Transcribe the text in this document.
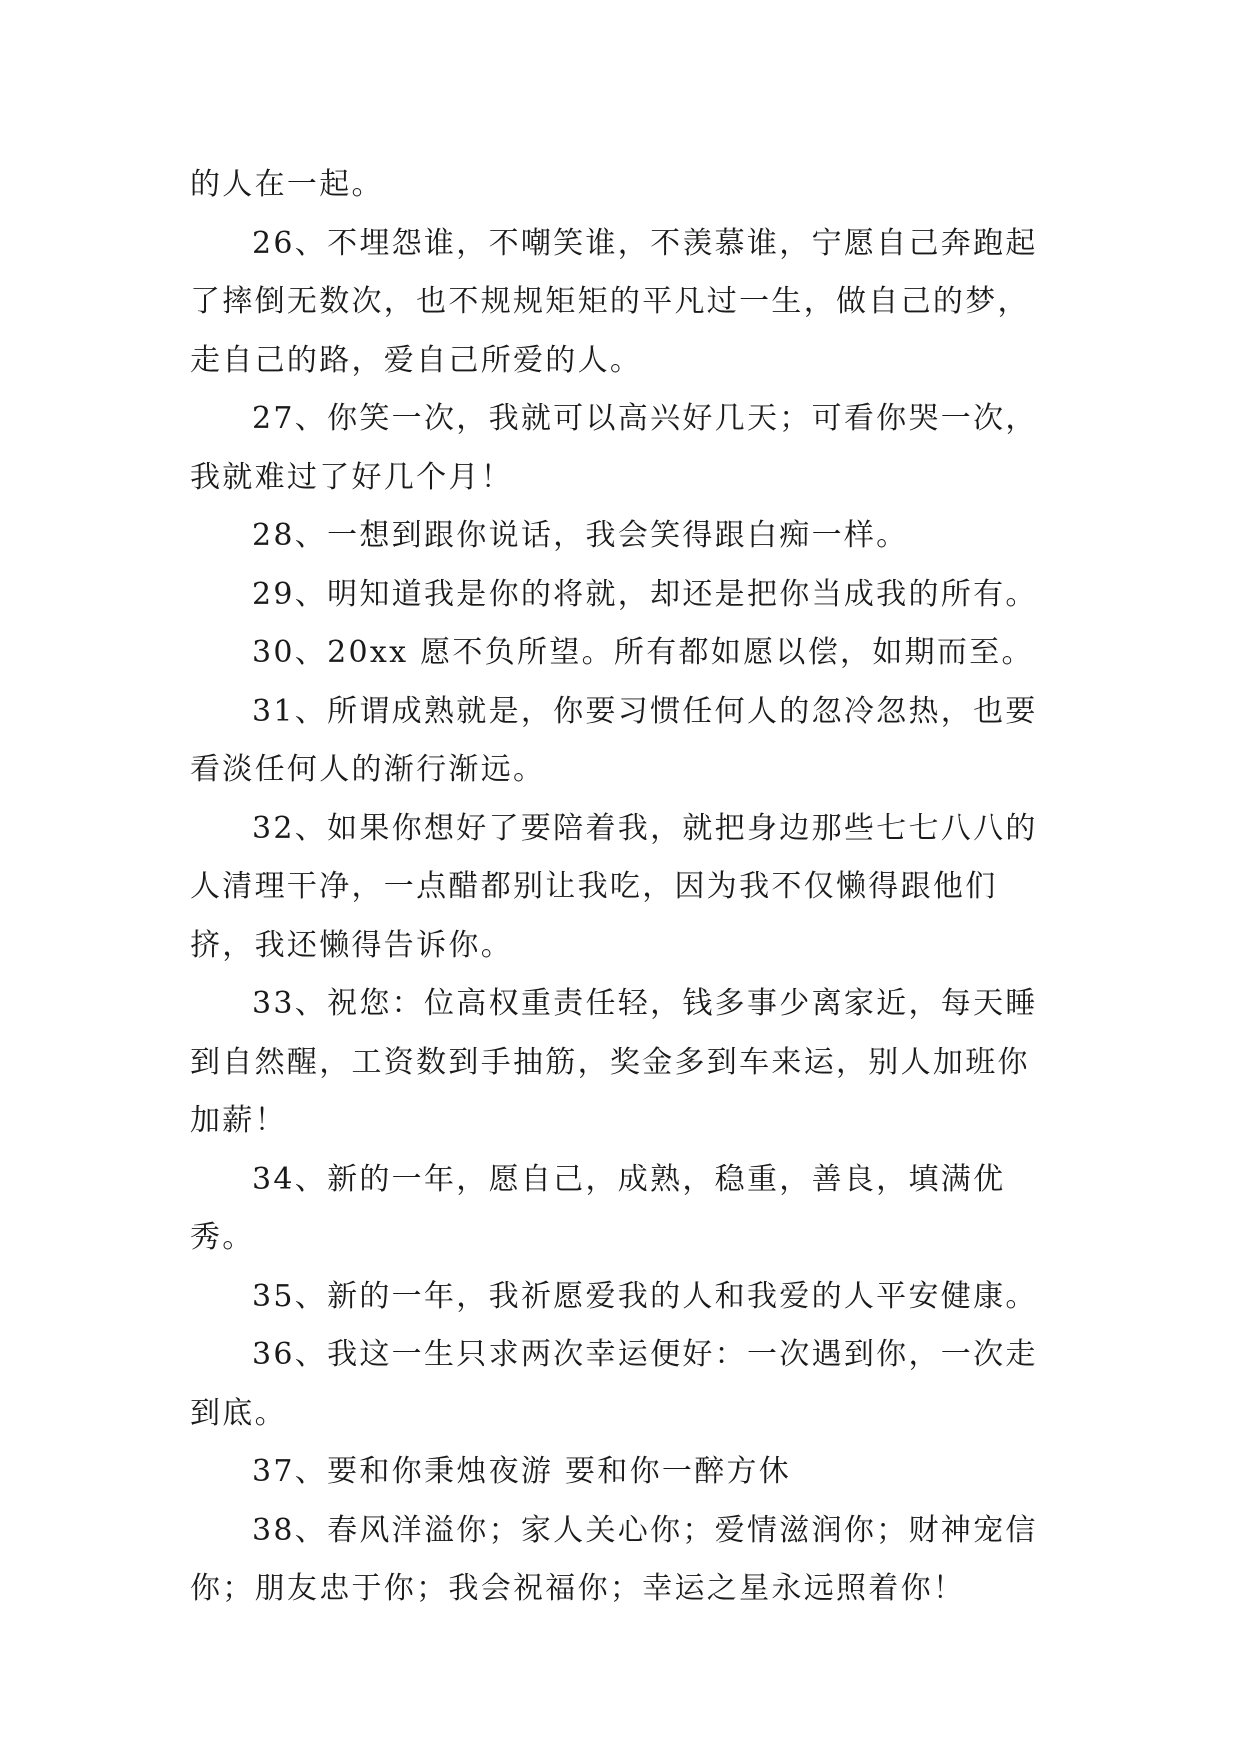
的人在一起。

26、不埋怨谁，不嘲笑谁，不羡慕谁，宁愿自己奔跑起了摔倒无数次，也不规规矩矩的平凡过一生，做自己的梦，走自己的路，爱自己所爱的人。

27、你笑一次，我就可以高兴好几天；可看你哭一次，我就难过了好几个月！

28、一想到跟你说话，我会笑得跟白痴一样。

29、明知道我是你的将就，却还是把你当成我的所有。

30、20xx 愿不负所望。所有都如愿以偿，如期而至。

31、所谓成熟就是，你要习惯任何人的忽冷忽热，也要看淡任何人的渐行渐远。

32、如果你想好了要陪着我，就把身边那些七七八八的人清理干净，一点醋都别让我吃，因为我不仅懒得跟他们挤，我还懒得告诉你。

33、祝您：位高权重责任轻，钱多事少离家近，每天睡到自然醒，工资数到手抽筋，奖金多到车来运，别人加班你加薪！

34、新的一年，愿自己，成熟，稳重，善良，填满优秀。

35、新的一年，我祈愿爱我的人和我爱的人平安健康。

36、我这一生只求两次幸运便好：一次遇到你，一次走到底。

37、要和你秉烛夜游 要和你一醉方休

38、春风洋溢你；家人关心你；爱情滋润你；财神宠信你；朋友忠于你；我会祝福你；幸运之星永远照着你！
